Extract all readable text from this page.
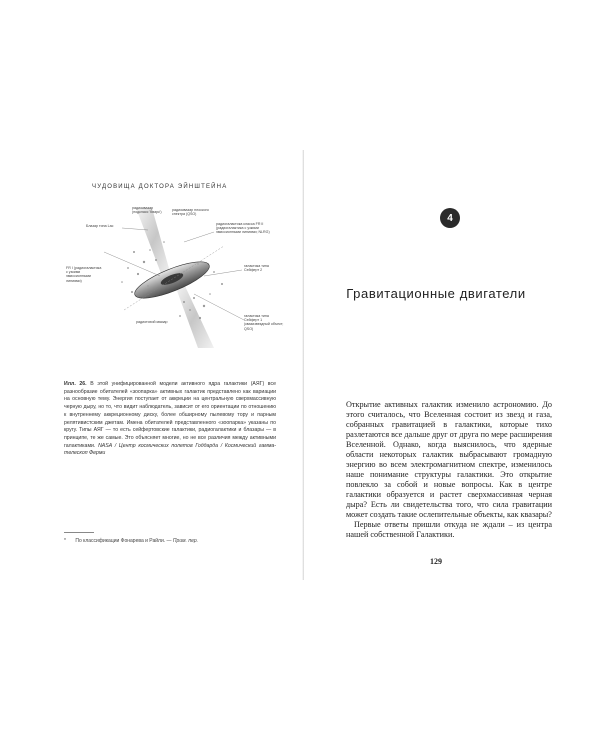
ЧУДОВИЩА ДОКТОРА ЭЙНШТЕЙНА
радиоквазар (подкласс 'Кварк')
Блазар типа Lac
радиоквазар плоского спектра (QSO)
радиогалактика класса FR II (радиогалактика с узкими эмиссионными линиями; NLRG)
FR I (радиогалактика с узкими эмиссионными линиями)
галактика типа Сейферт 2
радиотихий квазар
галактика типа Сейферт 1 (квазизвездный объект; QSO)
Илл. 26. В этой унифицированной модели активного ядра галактики (АЯГ) все разнообразие обитателей «зоопарка» активных галактик представлено как вариации на основную тему. Энергия поступает от аккреции на центральную сверхмассивную черную дыру, но то, что видит наблюдатель, зависит от его ориентации по отношению к внутреннему аккреционному диску, более обширному пылевому тору и парным релятивистским джетам. Имена обитателей представленного «зоопарка» указаны по кругу. Типы АЯГ — то есть сейфертовские галактики, радиогалактики и блазары — в принципе, те же самые. Это объясняет многие, но не все различия между активными галактиками. NASA / Центр космических полетов Годдарда / Космический гамма-телескоп Ферми
* По классификации Фонарева и Райли. — Прим. пер.
4
Гравитационные двигатели

Открытие активных галактик изменило астрономию. До этого считалось, что Вселенная состоит из звезд и газа, собранных гравитацией в галактики, которые тихо разлетаются все дальше друг от друга по мере расширения Вселенной. Однако, когда выяснилось, что ядерные области некоторых галактик выбрасывают громадную энергию во всем электромагнитном спектре, изменилось наше понимание структуры галактики. Это открытие повлекло за собой и новые вопросы. Как в центре галактики образуется и растет сверхмассивная черная дыра? Есть ли свидетельства того, что сила гравитации может создать такие ослепительные объекты, как квазары?

Первые ответы пришли откуда не ждали – из центра нашей собственной Галактики.

129
